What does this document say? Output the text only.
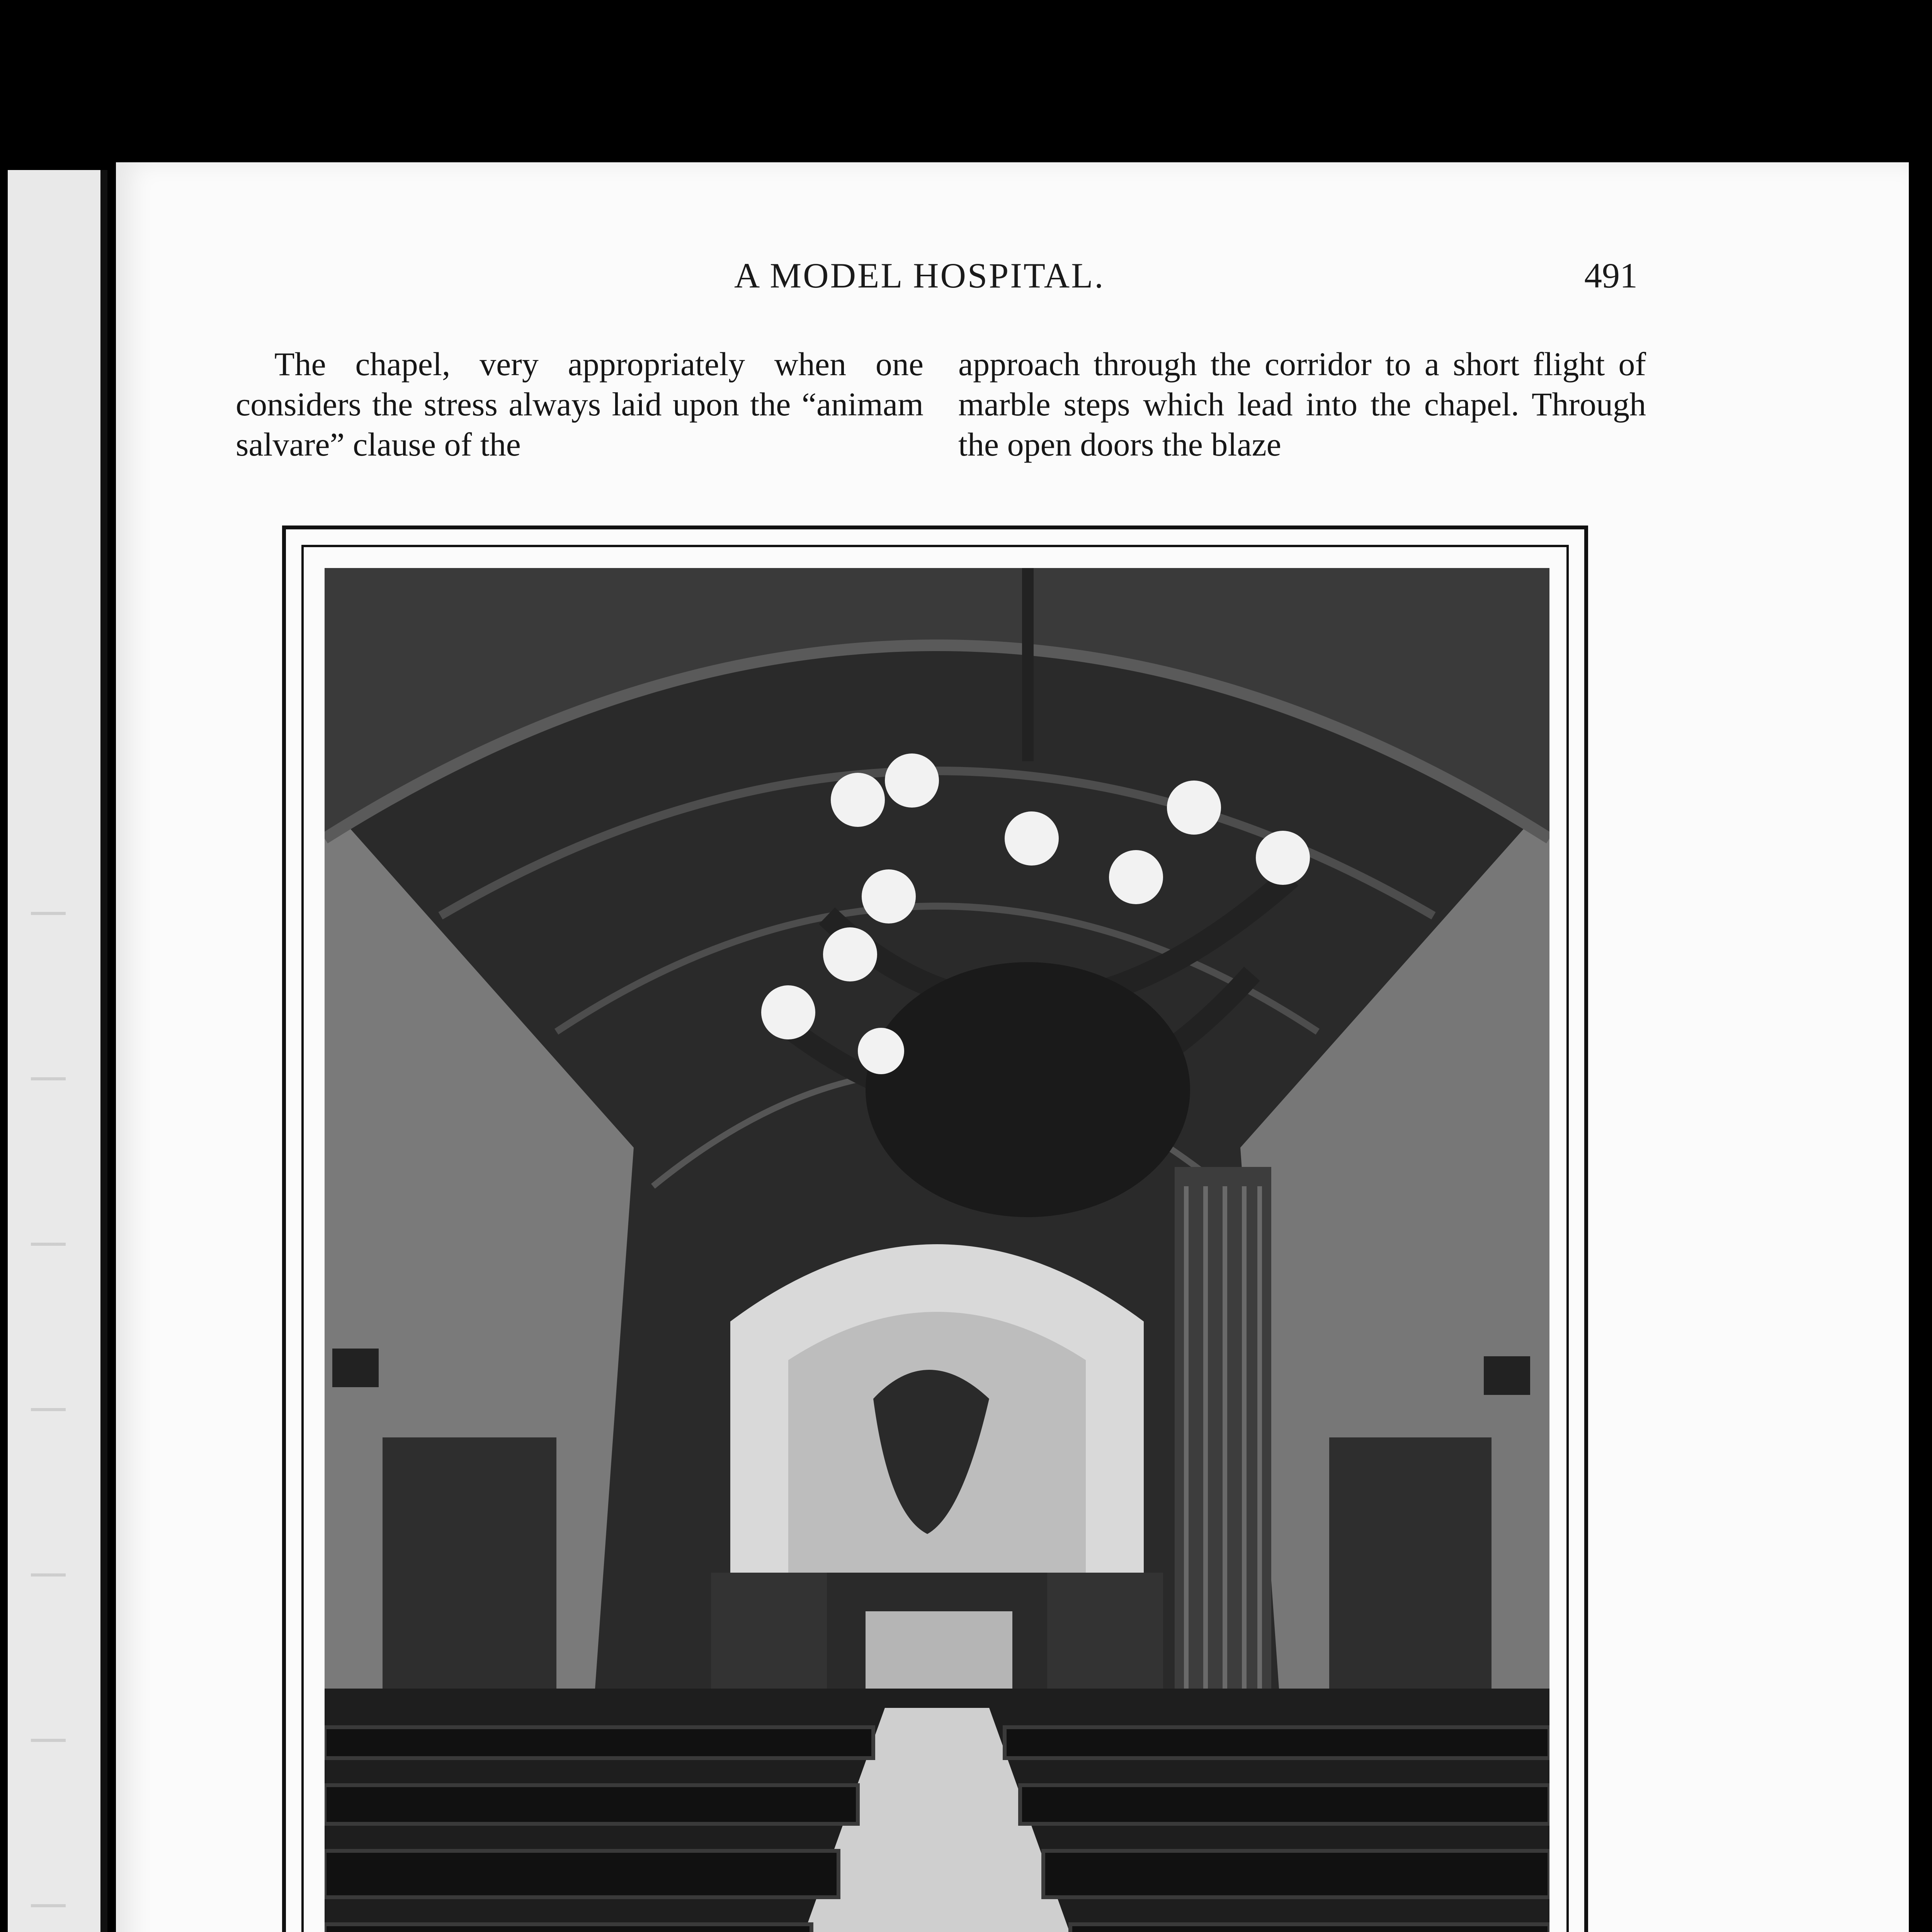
A MODEL HOSPITAL.	491

The chapel, very appropriately when one considers the stress always laid upon the “animam salvare” clause of the

approach through the corridor to a short flight of marble steps which lead into the chapel. Through the open doors the blaze
